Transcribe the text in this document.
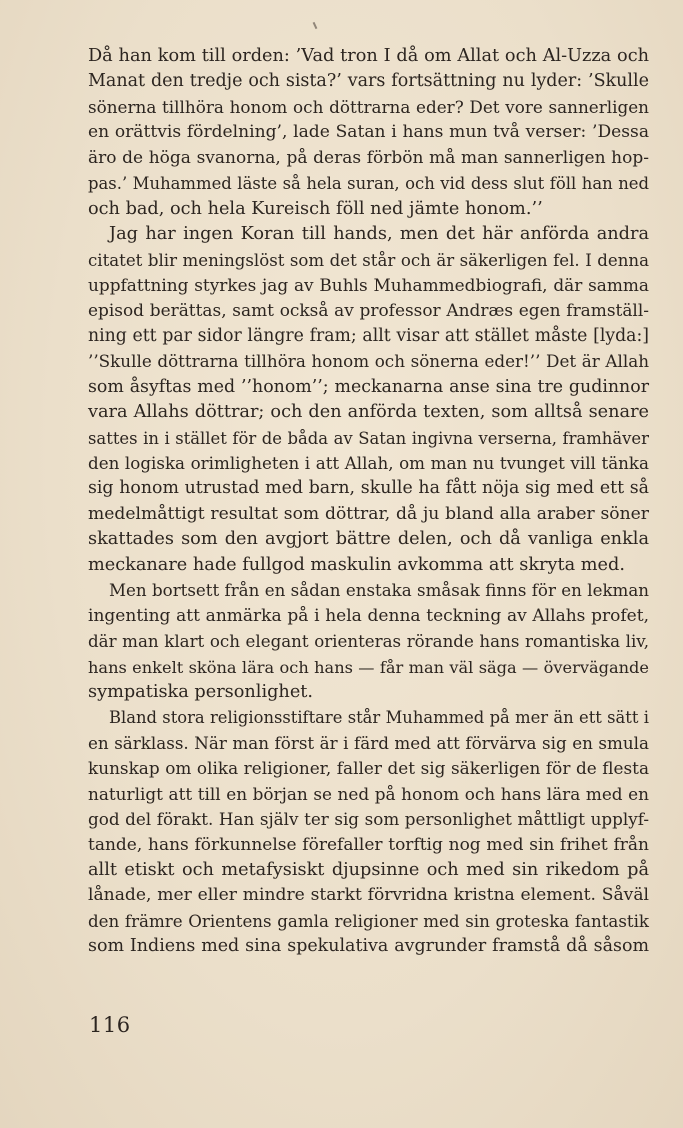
Då han kom till orden: ’Vad tron I då om Allat och Al-Uzza och
Manat den tredje och sista?’ vars fortsättning nu lyder: ’Skulle
sönerna tillhöra honom och döttrarna eder? Det vore sannerligen
en orättvis fördelning’, lade Satan i hans mun två verser: ’Dessa
äro de höga svanorna, på deras förbön må man sannerligen hop-
pas.’ Muhammed läste så hela suran, och vid dess slut föll han ned
och bad, och hela Kureisch föll ned jämte honom.’’
Jag har ingen Koran till hands, men det här anförda andra
citatet blir meningslöst som det står och är säkerligen fel. I denna
uppfattning styrkes jag av Buhls Muhammedbiografi, där samma
episod berättas, samt också av professor Andræs egen framställ-
ning ett par sidor längre fram; allt visar att stället måste [lyda:]
’’Skulle döttrarna tillhöra honom och sönerna eder!’’ Det är Allah
som åsyftas med ’’honom’’; meckanarna anse sina tre gudinnor
vara Allahs döttrar; och den anförda texten, som alltså senare
sattes in i stället för de båda av Satan ingivna verserna, framhäver
den logiska orimligheten i att Allah, om man nu tvunget vill tänka
sig honom utrustad med barn, skulle ha fått nöja sig med ett så
medelmåttigt resultat som döttrar, då ju bland alla araber söner
skattades som den avgjort bättre delen, och då vanliga enkla
meckanare hade fullgod maskulin avkomma att skryta med.
Men bortsett från en sådan enstaka småsak finns för en lekman
ingenting att anmärka på i hela denna teckning av Allahs profet,
där man klart och elegant orienteras rörande hans romantiska liv,
hans enkelt sköna lära och hans — får man väl säga — övervägande
sympatiska personlighet.
Bland stora religionsstiftare står Muhammed på mer än ett sätt i
en särklass. När man först är i färd med att förvärva sig en smula
kunskap om olika religioner, faller det sig säkerligen för de flesta
naturligt att till en början se ned på honom och hans lära med en
god del förakt. Han själv ter sig som personlighet måttligt upplyf-
tande, hans förkunnelse förefaller torftig nog med sin frihet från
allt etiskt och metafysiskt djupsinne och med sin rikedom på
lånade, mer eller mindre starkt förvridna kristna element. Såväl
den främre Orientens gamla religioner med sin groteska fantastik
som Indiens med sina spekulativa avgrunder framstå då såsom
116
